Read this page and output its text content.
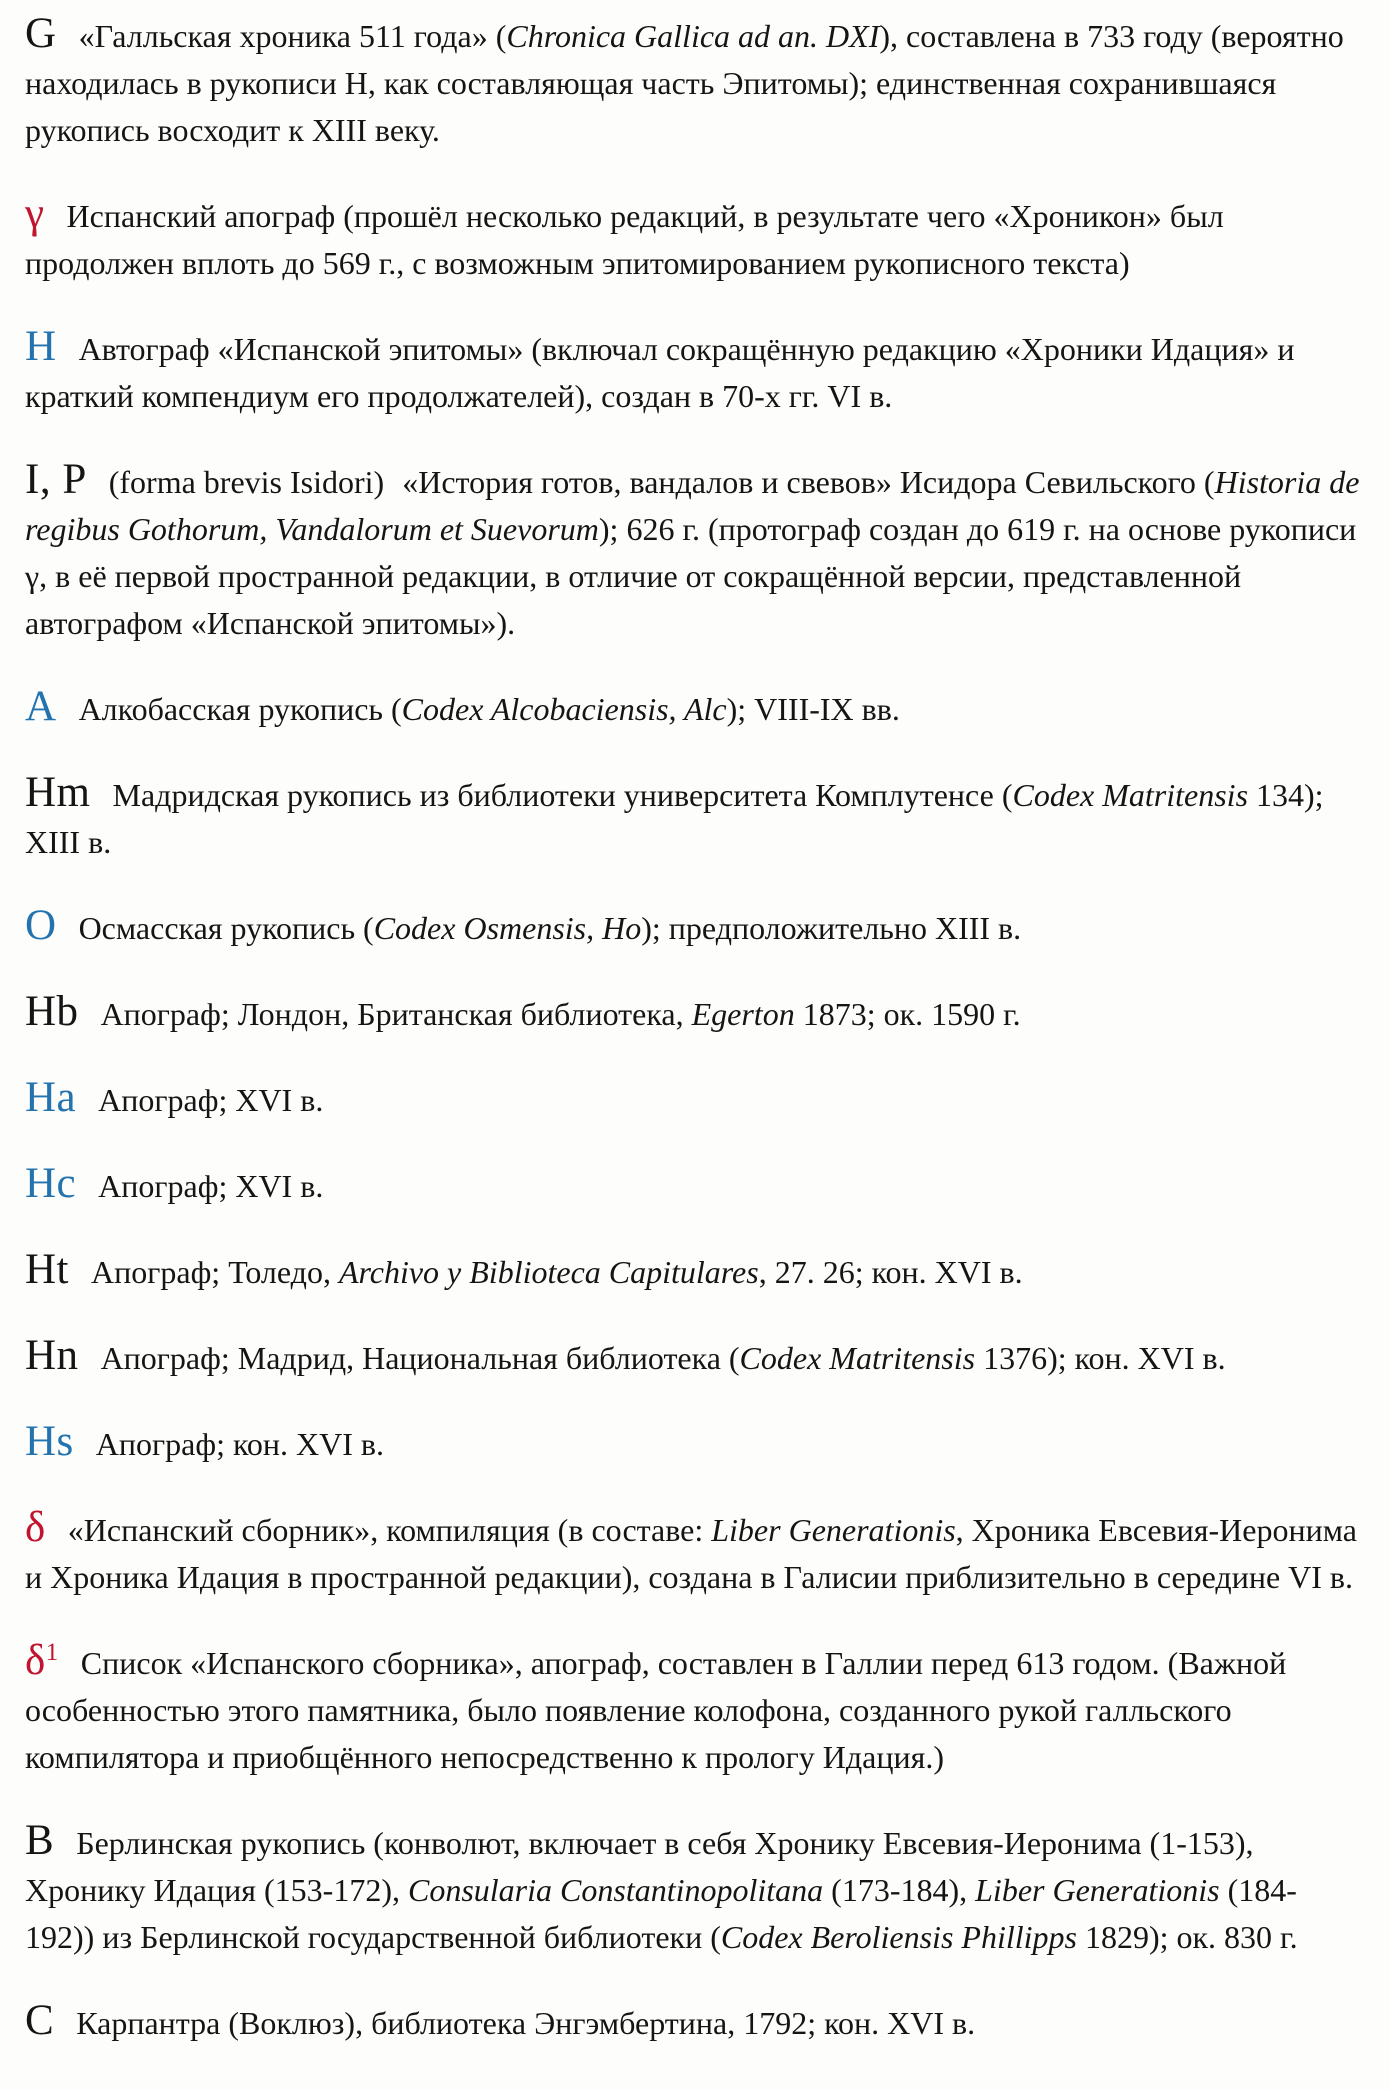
G «Галльская хроника 511 года» (Chronica Gallica ad an. DXI), составлена в 733 году (вероятно находилась в рукописи H, как составляющая часть Эпитомы); единственная сохранившаяся рукопись восходит к XIII веку.

γ Испанский апограф (прошёл несколько редакций, в результате чего «Хроникон» был продолжен вплоть до 569 г., с возможным эпитомированием рукописного текста)

H Автограф «Испанской эпитомы» (включал сокращённую редакцию «Хроники Идация» и краткий компендиум его продолжателей), создан в 70-х гг. VI в.

I, P (forma brevis Isidori) «История готов, вандалов и свевов» Исидора Севильского (Historia de regibus Gothorum, Vandalorum et Suevorum); 626 г. (протограф создан до 619 г. на основе рукописи γ, в её первой пространной редакции, в отличие от сокращённой версии, представленной автографом «Испанской эпитомы»).

A Алкобасская рукопись (Codex Alcobaciensis, Alc); VIII-IX вв.

Hm Мадридская рукопись из библиотеки университета Комплутенсе (Codex Matritensis 134); XIII в.

O Осмасская рукопись (Codex Osmensis, Ho); предположительно XIII в.

Hb Апограф; Лондон, Британская библиотека, Egerton 1873; ок. 1590 г.

Ha Апограф; XVI в.

Hc Апограф; XVI в.

Ht Апограф; Толедо, Archivo y Biblioteca Capitulares, 27. 26; кон. XVI в.

Hn Апограф; Мадрид, Национальная библиотека (Codex Matritensis 1376); кон. XVI в.

Hs Апограф; кон. XVI в.

δ «Испанский сборник», компиляция (в составе: Liber Generationis, Хроника Евсевия-Иеронима и Хроника Идация в пространной редакции), создана в Галисии приблизительно в середине VI в.

$\delta^1$ Список «Испанского сборника», апограф, составлен в Галлии перед 613 годом. (Важной особенностью этого памятника, было появление колофона, созданного рукой галльского компилятора и приобщённого непосредственно к прологу Идация.)

B Берлинская рукопись (конволют, включает в себя Хронику Евсевия-Иеронима (1-153), Хронику Идация (153-172), Consularia Constantinopolitana (173-184), Liber Generationis (184-192)) из Берлинской государственной библиотеки (Codex Beroliensis Phillipps 1829); ок. 830 г.

C Карпантра (Воклюз), библиотека Энгэмбертина, 1792; кон. XVI в.
